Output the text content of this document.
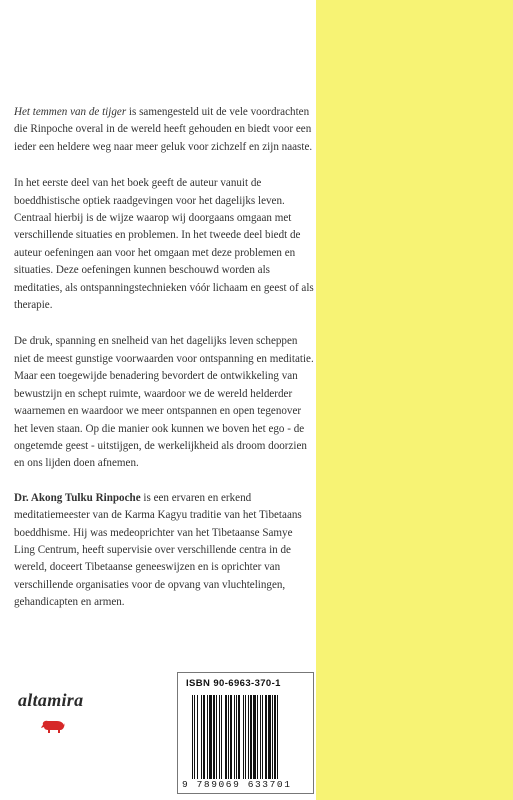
Het temmen van de tijger is samengesteld uit de vele voordrachten die Rinpoche overal in de wereld heeft gehouden en biedt voor een ieder een heldere weg naar meer geluk voor zichzelf en zijn naaste.

In het eerste deel van het boek geeft de auteur vanuit de boeddhistische optiek raadgevingen voor het dagelijks leven. Centraal hierbij is de wijze waarop wij doorgaans omgaan met verschillende situaties en problemen. In het tweede deel biedt de auteur oefeningen aan voor het omgaan met deze problemen en situaties. Deze oefeningen kunnen beschouwd worden als meditaties, als ontspanningstechnieken vóór lichaam en geest of als therapie.

De druk, spanning en snelheid van het dagelijks leven scheppen niet de meest gunstige voorwaarden voor ontspanning en meditatie. Maar een toegewijde benadering bevordert de ontwikkeling van bewustzijn en schept ruimte, waardoor we de wereld helderder waarnemen en waardoor we meer ontspannen en open tegenover het leven staan. Op die manier ook kunnen we boven het ego - de ongetemde geest - uitstijgen, de werkelijkheid als droom doorzien en ons lijden doen afnemen.

Dr. Akong Tulku Rinpoche is een ervaren en erkend meditatiemeester van de Karma Kagyu traditie van het Tibetaans boeddhisme. Hij was medeoprichter van het Tibetaanse Samye Ling Centrum, heeft supervisie over verschillende centra in de wereld, doceert Tibetaanse geneeswijzen en is oprichter van verschillende organisaties voor de opvang van vluchtelingen, gehandicapten en armen.

altamira
ISBN 90-6963-370-1
9 789069 633701
